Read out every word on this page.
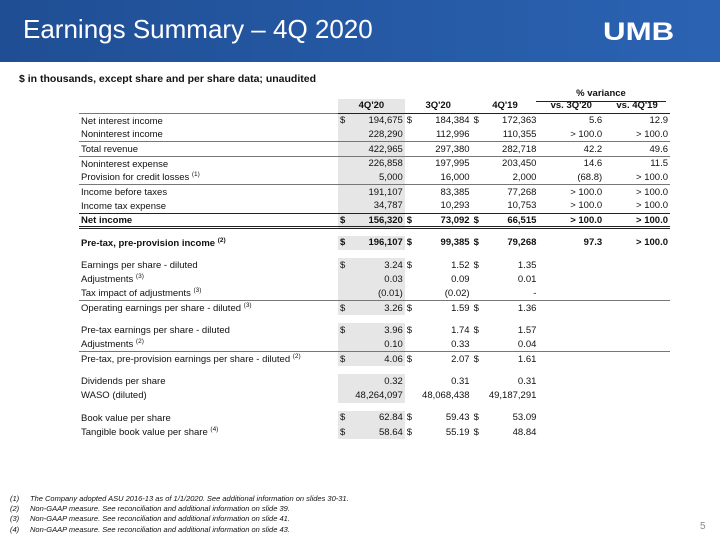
Earnings Summary – 4Q 2020	UMB
$ in thousands, except share and per share data; unaudited
% variance
	4Q'20		3Q'20		4Q'19		vs. 3Q'20	vs. 4Q'19
Net interest income	$	194,675	$	184,384	$	172,363	5.6	12.9
Noninterest income		228,290		112,996		110,355	> 100.0	> 100.0
Total revenue		422,965		297,380		282,718	42.2	49.6
Noninterest expense		226,858		197,995		203,450	14.6	11.5
Provision for credit losses $^{(1)}$		5,000		16,000		2,000	(68.8)	> 100.0
Income before taxes		191,107		83,385		77,268	> 100.0	> 100.0
Income tax expense		34,787		10,293		10,753	> 100.0	> 100.0
Net income	$	156,320	$	73,092	$	66,515	> 100.0	> 100.0

Pre-tax, pre-provision income $^{(2)}$	$	196,107	$	99,385	$	79,268	97.3	> 100.0

Earnings per share - diluted	$	3.24	$	1.52	$	1.35		
Adjustments $^{(3)}$		0.03		0.09		0.01		
Tax impact of adjustments $^{(3)}$		(0.01)		(0.02)		-		
Operating earnings per share - diluted $^{(3)}$	$	3.26	$	1.59	$	1.36		

Pre-tax earnings per share - diluted	$	3.96	$	1.74	$	1.57		
Adjustments $^{(2)}$		0.10		0.33		0.04		
Pre-tax, pre-provision earnings per share - diluted $^{(2)}$	$	4.06	$	2.07	$	1.61		

Dividends per share		0.32		0.31		0.31		
WASO (diluted)		48,264,097		48,068,438		49,187,291		

Book value per share	$	62.84	$	59.43	$	53.09		
Tangible book value per share $^{(4)}$	$	58.64	$	55.19	$	48.84		
(1)	The Company adopted ASU 2016-13 as of 1/1/2020. See additional information on slides 30-31.
(2)	Non-GAAP measure. See reconciliation and additional information on slide 39.
(3)	Non-GAAP measure. See reconciliation and additional information on slide 41.
(4)	Non-GAAP measure. See reconciliation and additional information on slide 43.	5
